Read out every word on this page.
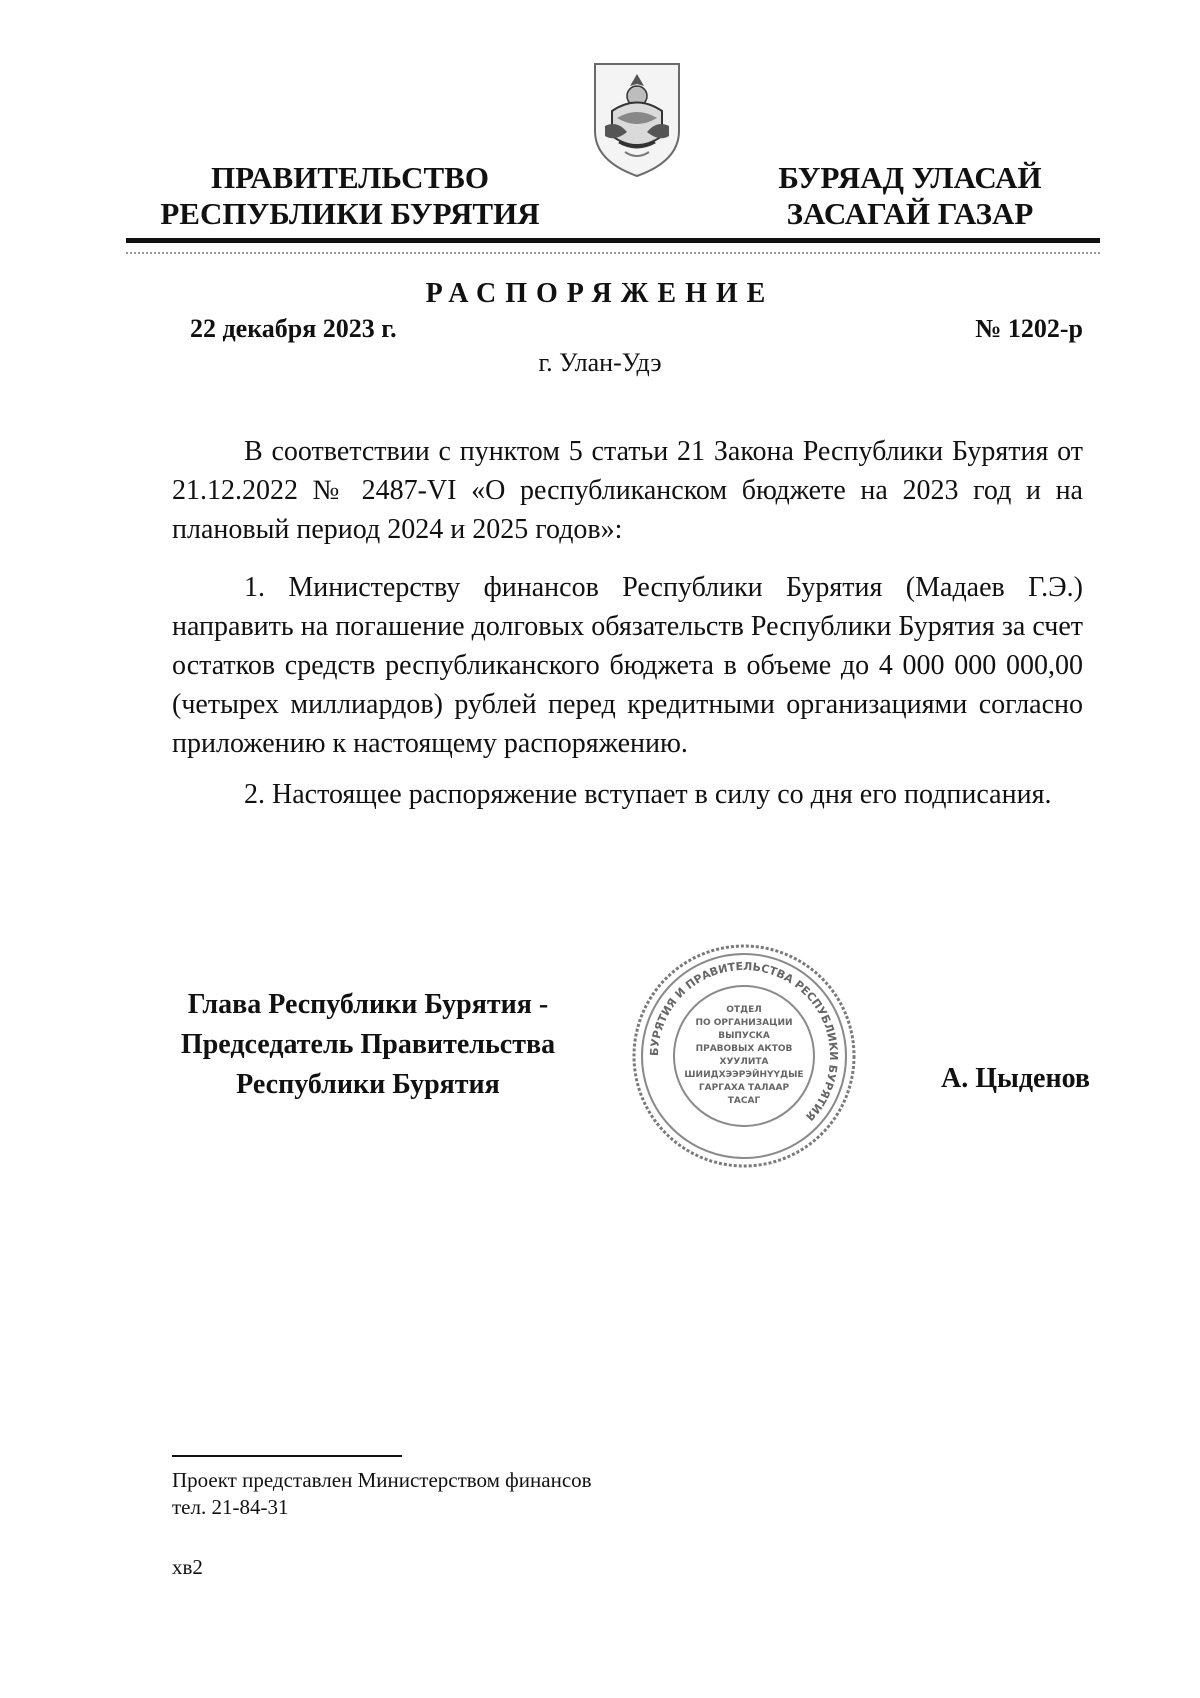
ПРАВИТЕЛЬСТВО
РЕСПУБЛИКИ БУРЯТИЯ
БУРЯАД УЛАСАЙ
ЗАСАГАЙ ГАЗАР
РАСПОРЯЖЕНИЕ
22 декабря 2023 г.	№ 1202-р
г. Улан-Удэ

В соответствии с пунктом 5 статьи 21 Закона Республики Бурятия от 21.12.2022 № 2487-VI «О республиканском бюджете на 2023 год и на плановый период 2024 и 2025 годов»:

1. Министерству финансов Республики Бурятия (Мадаев Г.Э.) направить на погашение долговых обязательств Республики Бурятия за счет остатков средств республиканского бюджета в объеме до 4 000 000 000,00 (четырех миллиардов) рублей перед кредитными организациями согласно приложению к настоящему распоряжению.

2. Настоящее распоряжение вступает в силу со дня его подписания.

Глава Республики Бурятия -
Председатель Правительства
Республики Бурятия
БУРЯТИЯ И ПРАВИТЕЛЬСТВА РЕСПУБЛИКИ БУРЯТИЯ
ОТДЕЛ
ПО ОРГАНИЗАЦИИ
ВЫПУСКА
ПРАВОВЫХ АКТОВ
ХУУЛИТА
ШИИДХЭЭРЭЙНҮҮДЫЕ
ГАРГАХА ТАЛААР
ТАСАГ
А. Цыденов
Проект представлен Министерством финансов
тел. 21-84-31
хв2
